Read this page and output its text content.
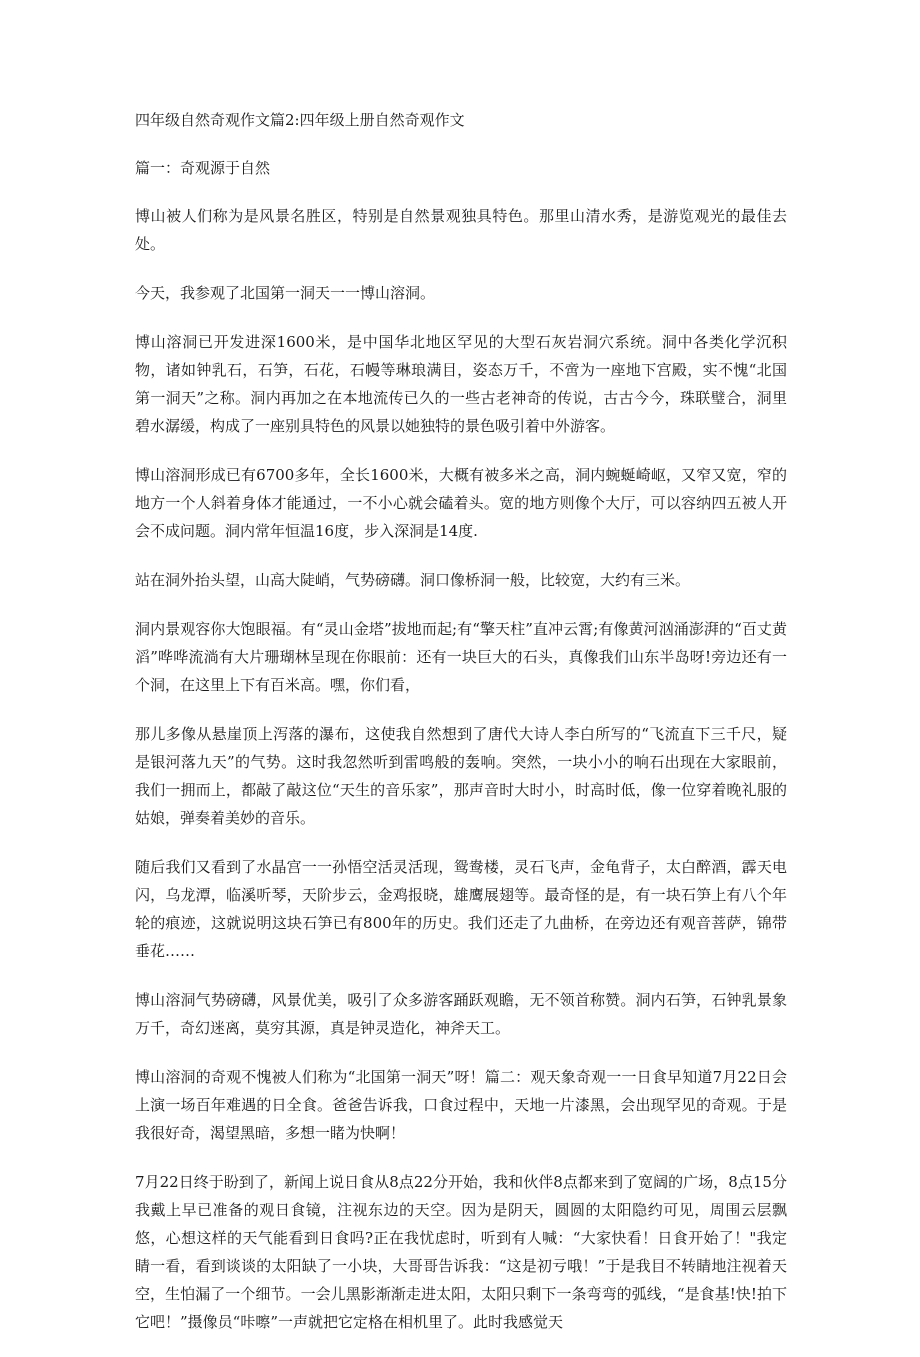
四年级自然奇观作文篇2:四年级上册自然奇观作文

篇一：奇观源于自然

博山被人们称为是风景名胜区，特别是自然景观独具特色。那里山清水秀，是游览观光的最佳去处。

今天，我参观了北国第一洞天一一博山溶洞。

博山溶洞已开发进深1600米，是中国华北地区罕见的大型石灰岩洞穴系统。洞中各类化学沉积物，诸如钟乳石，石笋，石花，石幔等琳琅满目，姿态万千，不啻为一座地下宫殿，实不愧“北国第一洞天”之称。洞内再加之在本地流传已久的一些古老神奇的传说，古古今今，珠联璧合，洞里碧水潺缓，构成了一座别具特色的风景以她独特的景色吸引着中外游客。

博山溶洞形成已有6700多年，全长1600米，大概有被多米之高，洞内蜿蜒崎岖，又窄又宽，窄的地方一个人斜着身体才能通过，一不小心就会磕着头。宽的地方则像个大厅，可以容纳四五被人开会不成问题。洞内常年恒温16度，步入深洞是14度.

站在洞外抬头望，山高大陡峭，气势磅礴。洞口像桥洞一般，比较宽，大约有三米。

洞内景观容你大饱眼福。有“灵山金塔”拔地而起;有“擎天柱”直冲云霄;有像黄河汹涌澎湃的“百丈黄滔”哗哗流淌有大片珊瑚林呈现在你眼前：还有一块巨大的石头，真像我们山东半岛呀!旁边还有一个洞，在这里上下有百米高。嘿，你们看，

那儿多像从悬崖顶上泻落的瀑布，这使我自然想到了唐代大诗人李白所写的“飞流直下三千尺，疑是银河落九天”的气势。这时我忽然听到雷鸣般的轰响。突然，一块小小的响石出现在大家眼前，我们一拥而上，都敲了敲这位“天生的音乐家”，那声音时大时小，时高时低，像一位穿着晚礼服的姑娘，弹奏着美妙的音乐。

随后我们又看到了水晶宫一一孙悟空活灵活现，鸳鸯楼，灵石飞声，金龟背子，太白醉酒，霹天电闪，乌龙潭，临溪听琴，天阶步云，金鸡报晓，雄鹰展翅等。最奇怪的是，有一块石笋上有八个年轮的痕迹，这就说明这块石笋已有800年的历史。我们还走了九曲桥，在旁边还有观音菩萨，锦带垂花……

博山溶洞气势磅礴，风景优美，吸引了众多游客踊跃观瞻，无不领首称赞。洞内石笋，石钟乳景象万千，奇幻迷离，莫穷其源，真是钟灵造化，神斧天工。

博山溶洞的奇观不愧被人们称为“北国第一洞天”呀！篇二：观天象奇观一一日食早知道7月22日会上演一场百年难遇的日全食。爸爸告诉我，口食过程中，天地一片漆黑，会出现罕见的奇观。于是我很好奇，渴望黑暗，多想一睹为快啊！

7月22日终于盼到了，新闻上说日食从8点22分开始，我和伙伴8点都来到了宽阔的广场，8点15分我戴上早已准备的观日食镜，注视东边的天空。因为是阴天，圆圆的太阳隐约可见，周围云层飘悠，心想这样的天气能看到日食吗?正在我忧虑时，听到有人喊：“大家快看！日食开始了！"我定睛一看，看到谈谈的太阳缺了一小块，大哥哥告诉我：“这是初亏哦！”于是我目不转睛地注视着天空，生怕漏了一个细节。一会儿黑影渐渐走进太阳，太阳只剩下一条弯弯的弧线，“是食基!快!拍下它吧！”摄像员“咔嚓”一声就把它定格在相机里了。此时我感觉天
